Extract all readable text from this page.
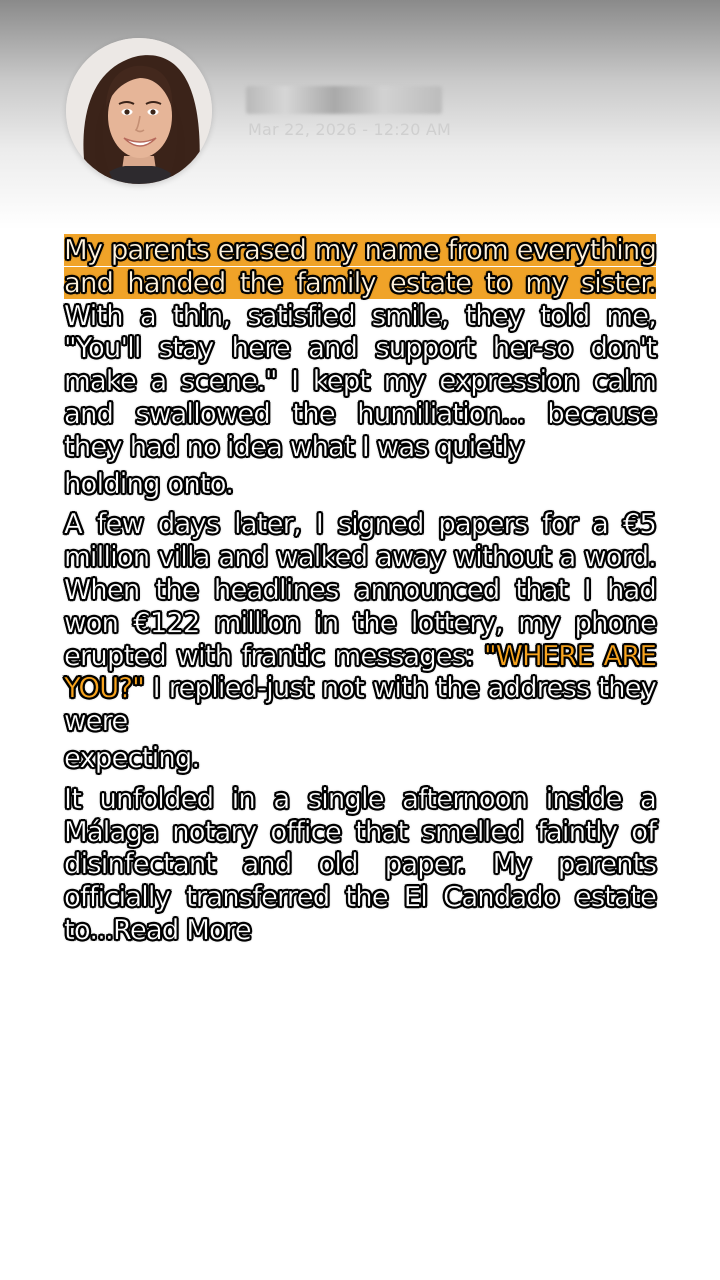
Mar 22, 2026 - 12:20 AM

My parents erased my name from everything and handed the family estate to my sister. With a thin, satisfied smile, they told me, "You'll stay here and support her-so don't make a scene." I kept my expression calm and swallowed the humiliation... because they had no idea what I was quietly

holding onto.

A few days later, I signed papers for a €5 million villa and walked away without a word. When the headlines announced that I had won €122 million in the lottery, my phone erupted with frantic messages: "WHERE ARE YOU?" I replied-just not with the address they were

expecting.

It unfolded in a single afternoon inside a Málaga notary office that smelled faintly of disinfectant and old paper. My parents officially transferred the El Candado estate to...Read More
